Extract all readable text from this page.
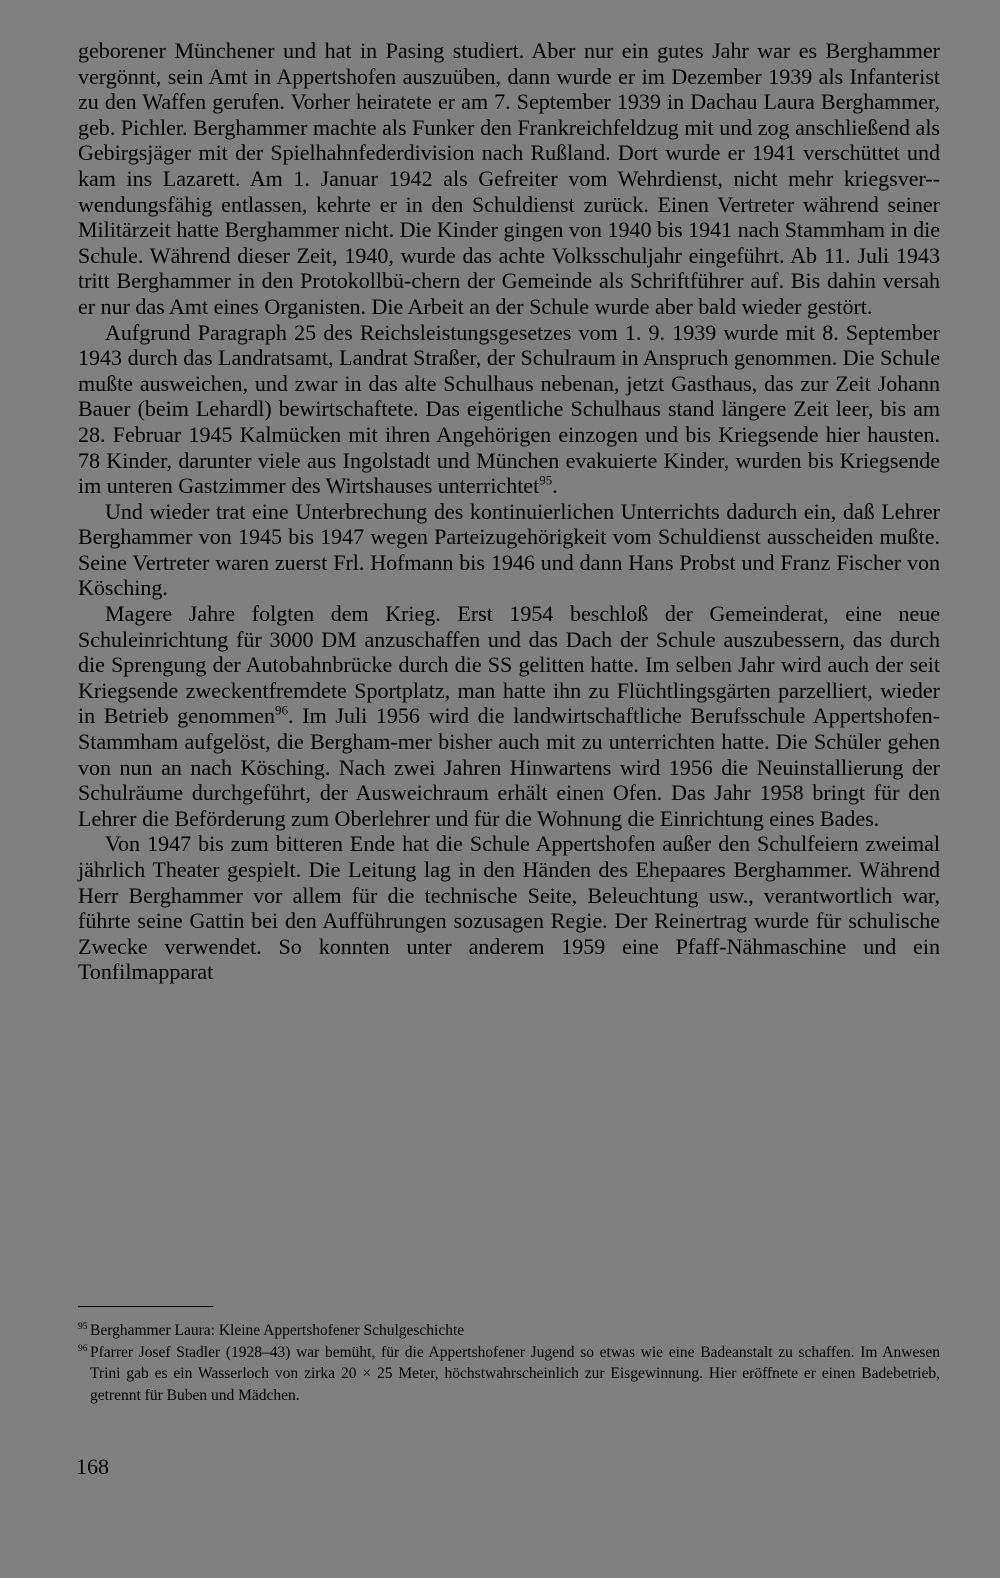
geborener Münchener und hat in Pasing studiert. Aber nur ein gutes Jahr war es Berghammer vergönnt, sein Amt in Appertshofen auszuüben, dann wurde er im Dezember 1939 als Infanterist zu den Waffen gerufen. Vorher heiratete er am 7. September 1939 in Dachau Laura Berghammer, geb. Pichler. Berghammer machte als Funker den Frankreichfeldzug mit und zog anschließend als Gebirgsjäger mit der Spielhahnfederdivision nach Rußland. Dort wurde er 1941 verschüttet und kam ins Lazarett. Am 1. Januar 1942 als Gefreiter vom Wehrdienst, nicht mehr kriegsver-wendungsfähig entlassen, kehrte er in den Schuldienst zurück. Einen Vertreter während seiner Militärzeit hatte Berghammer nicht. Die Kinder gingen von 1940 bis 1941 nach Stammham in die Schule. Während dieser Zeit, 1940, wurde das achte Volksschuljahr eingeführt. Ab 11. Juli 1943 tritt Berghammer in den Protokollbü-chern der Gemeinde als Schriftführer auf. Bis dahin versah er nur das Amt eines Organisten. Die Arbeit an der Schule wurde aber bald wieder gestört.

Aufgrund Paragraph 25 des Reichsleistungsgesetzes vom 1. 9. 1939 wurde mit 8. September 1943 durch das Landratsamt, Landrat Straßer, der Schulraum in Anspruch genommen. Die Schule mußte ausweichen, und zwar in das alte Schulhaus nebenan, jetzt Gasthaus, das zur Zeit Johann Bauer (beim Lehardl) bewirtschaftete. Das eigentliche Schulhaus stand längere Zeit leer, bis am 28. Februar 1945 Kalmücken mit ihren Angehörigen einzogen und bis Kriegsende hier hausten. 78 Kinder, darunter viele aus Ingolstadt und München evakuierte Kinder, wurden bis Kriegsende im unteren Gastzimmer des Wirtshauses unterrichtet$^{95}$.

Und wieder trat eine Unterbrechung des kontinuierlichen Unterrichts dadurch ein, daß Lehrer Berghammer von 1945 bis 1947 wegen Parteizugehörigkeit vom Schuldienst ausscheiden mußte. Seine Vertreter waren zuerst Frl. Hofmann bis 1946 und dann Hans Probst und Franz Fischer von Kösching.

Magere Jahre folgten dem Krieg. Erst 1954 beschloß der Gemeinderat, eine neue Schuleinrichtung für 3000 DM anzuschaffen und das Dach der Schule auszubessern, das durch die Sprengung der Autobahnbrücke durch die SS gelitten hatte. Im selben Jahr wird auch der seit Kriegsende zweckentfremdete Sportplatz, man hatte ihn zu Flüchtlingsgärten parzelliert, wieder in Betrieb genommen$^{96}$. Im Juli 1956 wird die landwirtschaftliche Berufsschule Appertshofen-Stammham aufgelöst, die Bergham-mer bisher auch mit zu unterrichten hatte. Die Schüler gehen von nun an nach Kösching. Nach zwei Jahren Hinwartens wird 1956 die Neuinstallierung der Schulräume durchgeführt, der Ausweichraum erhält einen Ofen. Das Jahr 1958 bringt für den Lehrer die Beförderung zum Oberlehrer und für die Wohnung die Einrichtung eines Bades.

Von 1947 bis zum bitteren Ende hat die Schule Appertshofen außer den Schulfeiern zweimal jährlich Theater gespielt. Die Leitung lag in den Händen des Ehepaares Berghammer. Während Herr Berghammer vor allem für die technische Seite, Beleuchtung usw., verantwortlich war, führte seine Gattin bei den Aufführungen sozusagen Regie. Der Reinertrag wurde für schulische Zwecke verwendet. So konnten unter anderem 1959 eine Pfaff-Nähmaschine und ein Tonfilmapparat

95 Berghammer Laura: Kleine Appertshofener Schulgeschichte
96 Pfarrer Josef Stadler (1928–43) war bemüht, für die Appertshofener Jugend so etwas wie eine Badeanstalt zu schaffen. Im Anwesen Trini gab es ein Wasserloch von zirka 20 × 25 Meter, höchstwahrscheinlich zur Eisgewinnung. Hier eröffnete er einen Badebetrieb, getrennt für Buben und Mädchen.
168
